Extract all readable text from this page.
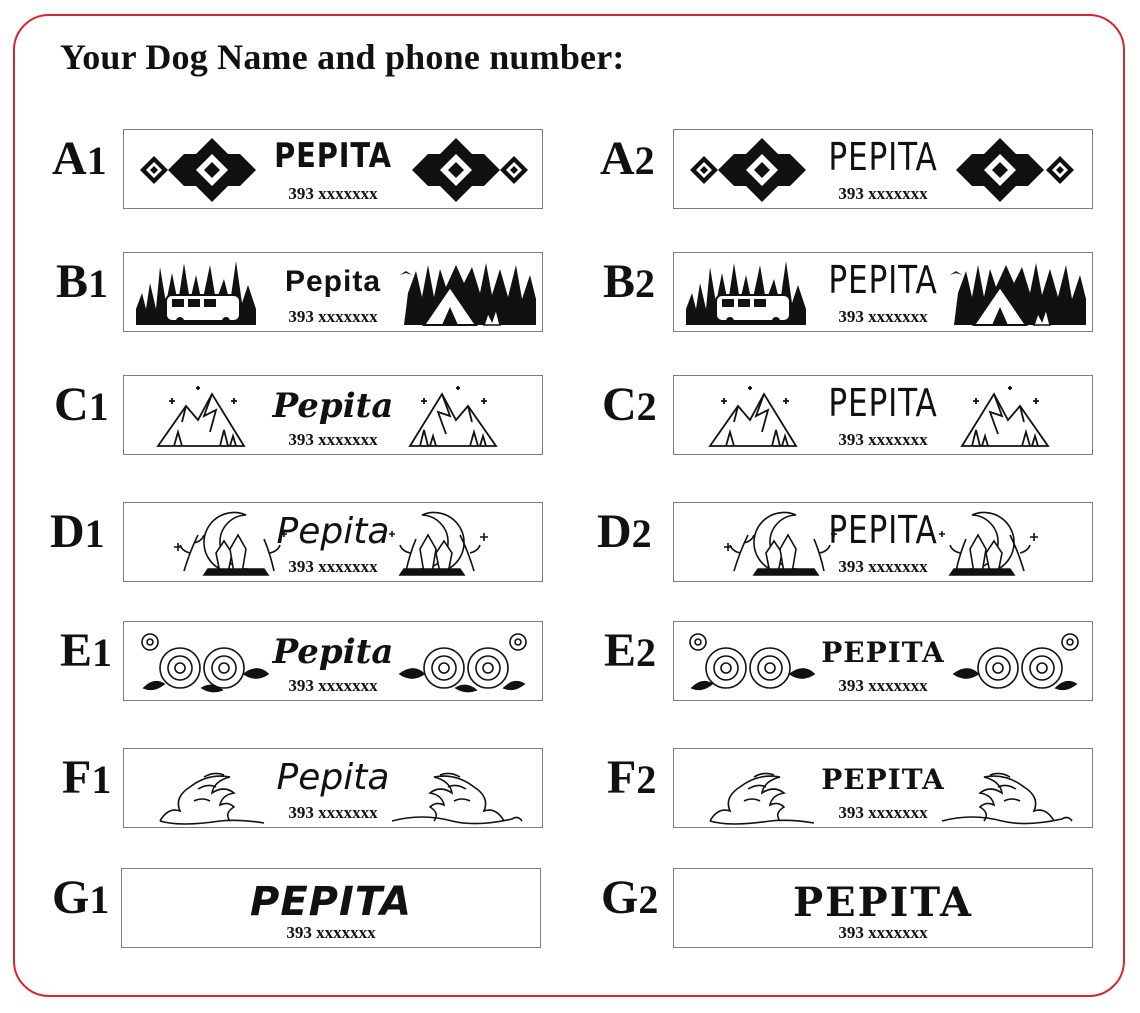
Your Dog Name and phone number:
A1	PEPITA
393 xxxxxxx
A2	PEPITA
393 xxxxxxx
B1	Pepita
393 xxxxxxx
B2	PEPITA
393 xxxxxxx
C1	Pepita
393 xxxxxxx
C2	PEPITA
393 xxxxxxx
D1	Pepita
393 xxxxxxx
D2	PEPITA
393 xxxxxxx
E1	Pepita
393 xxxxxxx
E2	PEPITA
393 xxxxxxx
F1	Pepita
393 xxxxxxx
F2	PEPITA
393 xxxxxxx
G1	PEPITA
393 xxxxxxx
G2	PEPITA
393 xxxxxxx
